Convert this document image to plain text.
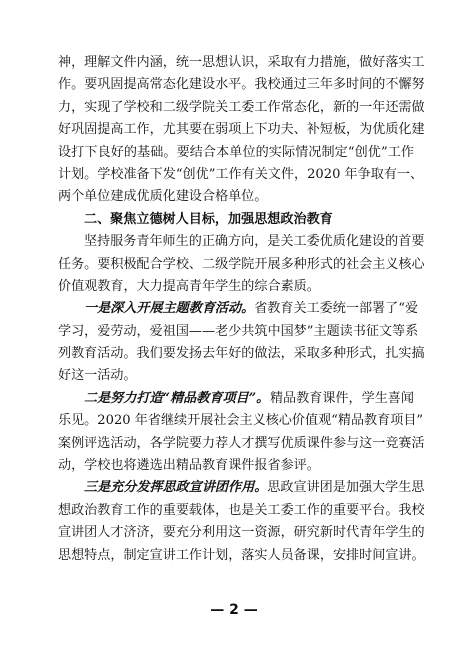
神，理解文件内涵，统一思想认识，采取有力措施，做好落实工
作。要巩固提高常态化建设水平。我校通过三年多时间的不懈努
力，实现了学校和二级学院关工委工作常态化，新的一年还需做
好巩固提高工作，尤其要在弱项上下功夫、补短板，为优质化建
设打下良好的基础。要结合本单位的实际情况制定“创优”工作
计划。学校准备下发“创优”工作有关文件，2020 年争取有一、
两个单位建成优质化建设合格单位。
二、聚焦立德树人目标，加强思想政治教育
坚持服务青年师生的正确方向，是关工委优质化建设的首要
任务。要积极配合学校、二级学院开展多种形式的社会主义核心
价值观教育，大力提高青年学生的综合素质。
一是深入开展主题教育活动。 省教育关工委统一部署了“爱
学习，爱劳动，爱祖国——老少共筑中国梦”主题读书征文等系
列教育活动。我们要发扬去年好的做法，采取多种形式，扎实搞
好这一活动。
二是努力打造“精品教育项目”。 精品教育课件，学生喜闻
乐见。2020 年省继续开展社会主义核心价值观“精品教育项目”
案例评选活动，各学院要力荐人才撰写优质课件参与这一竞赛活
动，学校也将遴选出精品教育课件报省参评。
三是充分发挥思政宣讲团作用。 思政宣讲团是加强大学生思
想政治教育工作的重要载体，也是关工委工作的重要平台。我校
宣讲团人才济济，要充分利用这一资源，研究新时代青年学生的
思想特点，制定宣讲工作计划，落实人员备课，安排时间宣讲。
— 2 —
